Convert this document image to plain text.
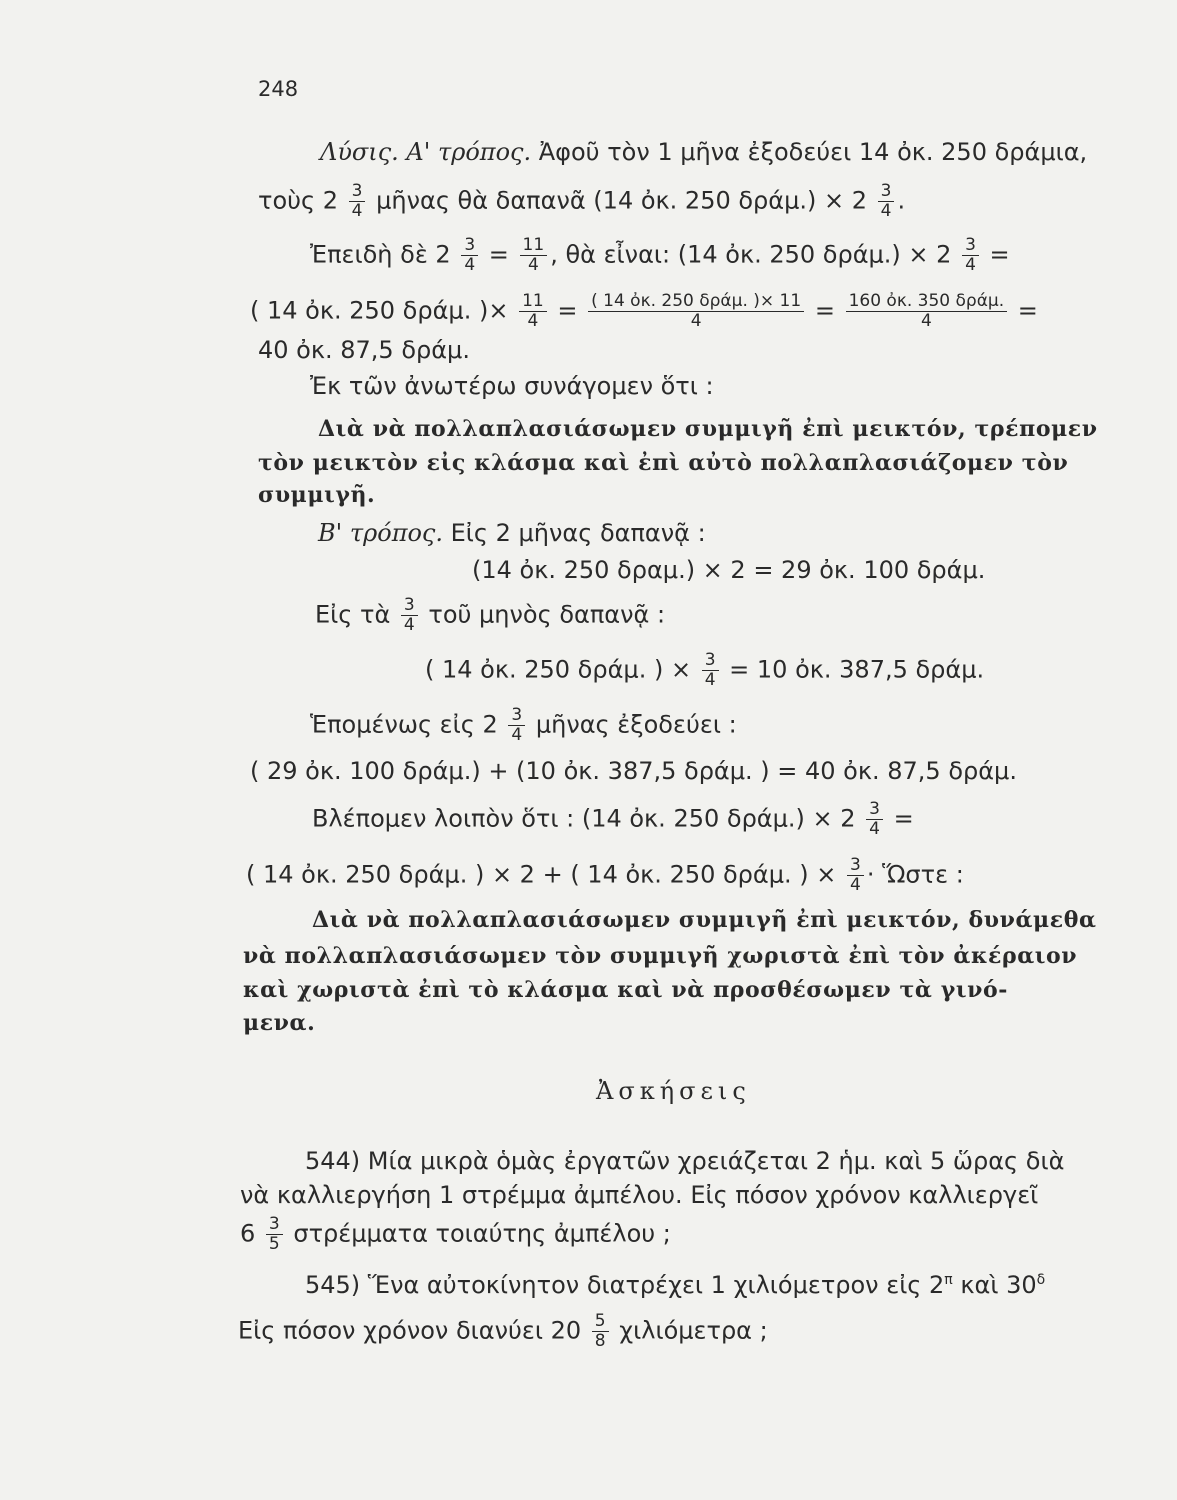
248
Λύσις. Α' τρόπος. Ἀφοῦ τὸν 1 μῆνα ἐξοδεύει 14 ὀκ. 250 δράμια,
τοὺς $2 \frac{3}{4}$ μῆνας θὰ δαπανᾶ (14 ὀκ. 250 $\delta\rho ά\mu.) \times 2 \frac{3}{4}$ .
Ἐπειδὴ δὲ $2 \frac{3}{4} = \frac{11}{4}$ , θὰ εἶναι: (14 ὀκ. 250 $\delta\rho ά\mu.) \times 2 \frac{3}{4}$ =
( 14 ὀκ. 250 δράμ. )× $\frac{11}{4} = \frac{\text{( 14 ὀκ. 250 δράμ. )× 11}}{4} = \frac{\text{160 ὀκ. 350 δράμ.}}{4}$ =
40 ὀκ. 87,5 δράμ.
Ἐκ τῶν ἀνωτέρω συνάγομεν ὅτι :
Διὰ νὰ πολλαπλασιάσωμεν συμμιγῆ ἐπὶ μεικτόν, τρέπομεν
τὸν μεικτὸν εἰς κλάσμα καὶ ἐπὶ αὐτὸ πολλαπλασιάζομεν τὸν
συμμιγῆ.
Β' τρόπος. Εἰς 2 μῆνας δαπανᾷ :
(14 ὀκ. 250 δραμ.) × 2 = 29 ὀκ. 100 δράμ.
Εἰς τὰ $\frac{3}{4}$ τοῦ μηνὸς δαπανᾷ :
( 14 ὀκ. 250 δράμ. ) × $\frac{3}{4} = 10$ ὀκ. 387,5 δράμ.
Ἑπομένως εἰς $2 \frac{3}{4}$ μῆνας ἐξοδεύει :
( 29 ὀκ. 100 δράμ.) + (10 ὀκ. 387,5 δράμ. ) = 40 ὀκ. 87,5 δράμ.
Βλέπομεν λοιπὸν ὅτι : (14 ὀκ. 250 $\delta\rho ά\mu.) \times 2 \frac{3}{4}$ =
( 14 ὀκ. 250 δράμ. ) × 2 + ( 14 ὀκ. 250 δράμ. ) × $\frac{3}{4}$ · Ὥστε :
Διὰ νὰ πολλαπλασιάσωμεν συμμιγῆ ἐπὶ μεικτόν, δυνάμεθα
νὰ πολλαπλασιάσωμεν τὸν συμμιγῆ χωριστὰ ἐπὶ τὸν ἀκέραιον
καὶ χωριστὰ ἐπὶ τὸ κλάσμα καὶ νὰ προσθέσωμεν τὰ γινό-
μενα.
Ἀσκήσεις
544) Μία μικρὰ ὁμὰς ἐργατῶν χρειάζεται 2 ἡμ. καὶ 5 ὥρας διὰ
νὰ καλλιεργήση 1 στρέμμα ἀμπέλου. Εἰς πόσον χρόνον καλλιεργεῖ
$6 \frac{3}{5}$ στρέμματα τοιαύτης ἀμπέλου ;
545) Ἕνα αὐτοκίνητον διατρέχει 1 χιλιόμετρον εἰς $2^\pi$ καὶ $30^\delta$
Εἰς πόσον χρόνον διανύει $20 \frac{5}{8}$ χιλιόμετρα ;
